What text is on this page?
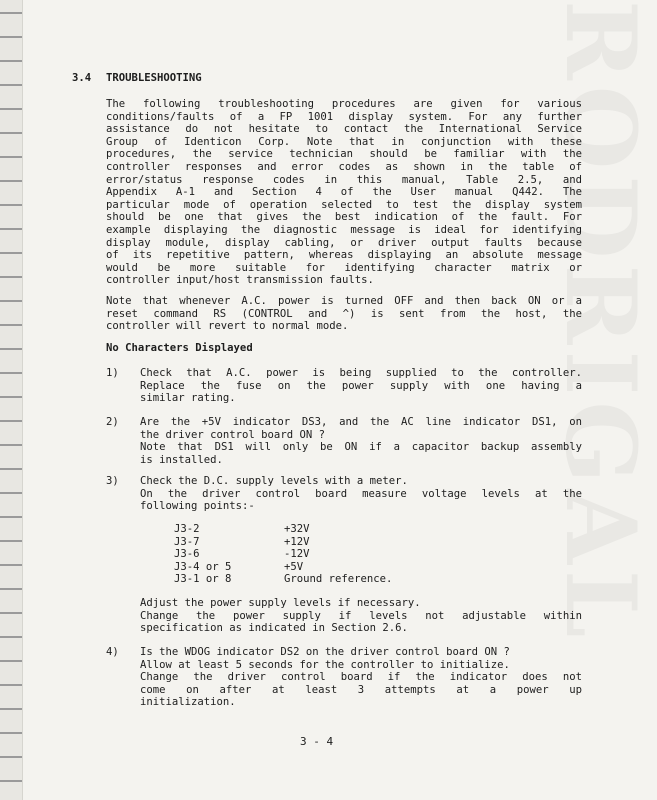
RODRIGAL
3.4 TROUBLESHOOTING
The following troubleshooting procedures are given for various
conditions/faults of a FP 1001 display system. For any further
assistance do not hesitate to contact the International Service
Group of Identicon Corp. Note that in conjunction with these
procedures, the service technician should be familiar with the
controller responses and error codes as shown in the table of
error/status response codes in this manual, Table 2.5, and
Appendix A-1 and Section 4 of the User manual Q442. The
particular mode of operation selected to test the display system
should be one that gives the best indication of the fault. For
example displaying the diagnostic message is ideal for identifying
display module, display cabling, or driver output faults because
of its repetitive pattern, whereas displaying an absolute message
would be more suitable for identifying character matrix or
controller input/host transmission faults.
Note that whenever A.C. power is turned OFF and then back ON or a
reset command RS (CONTROL and ^) is sent from the host, the
controller will revert to normal mode.
No Characters Displayed
1) Check that A.C. power is being supplied to the controller.
Replace the fuse on the power supply with one having a
similar rating.
2) Are the +5V indicator DS3, and the AC line indicator DS1, on
the driver control board ON ?
Note that DS1 will only be ON if a capacitor backup assembly
is installed.
3) Check the D.C. supply levels with a meter.
On the driver control board measure voltage levels at the
following points:-
J3-2	+32V
J3-7	+12V
J3-6	-12V
J3-4 or 5	+5V
J3-1 or 8	Ground reference.
Adjust the power supply levels if necessary.
Change the power supply if levels not adjustable within
specification as indicated in Section 2.6.
4) Is the WDOG indicator DS2 on the driver control board ON ?
Allow at least 5 seconds for the controller to initialize.
Change the driver control board if the indicator does not
come on after at least 3 attempts at a power up
initialization.
3 - 4
